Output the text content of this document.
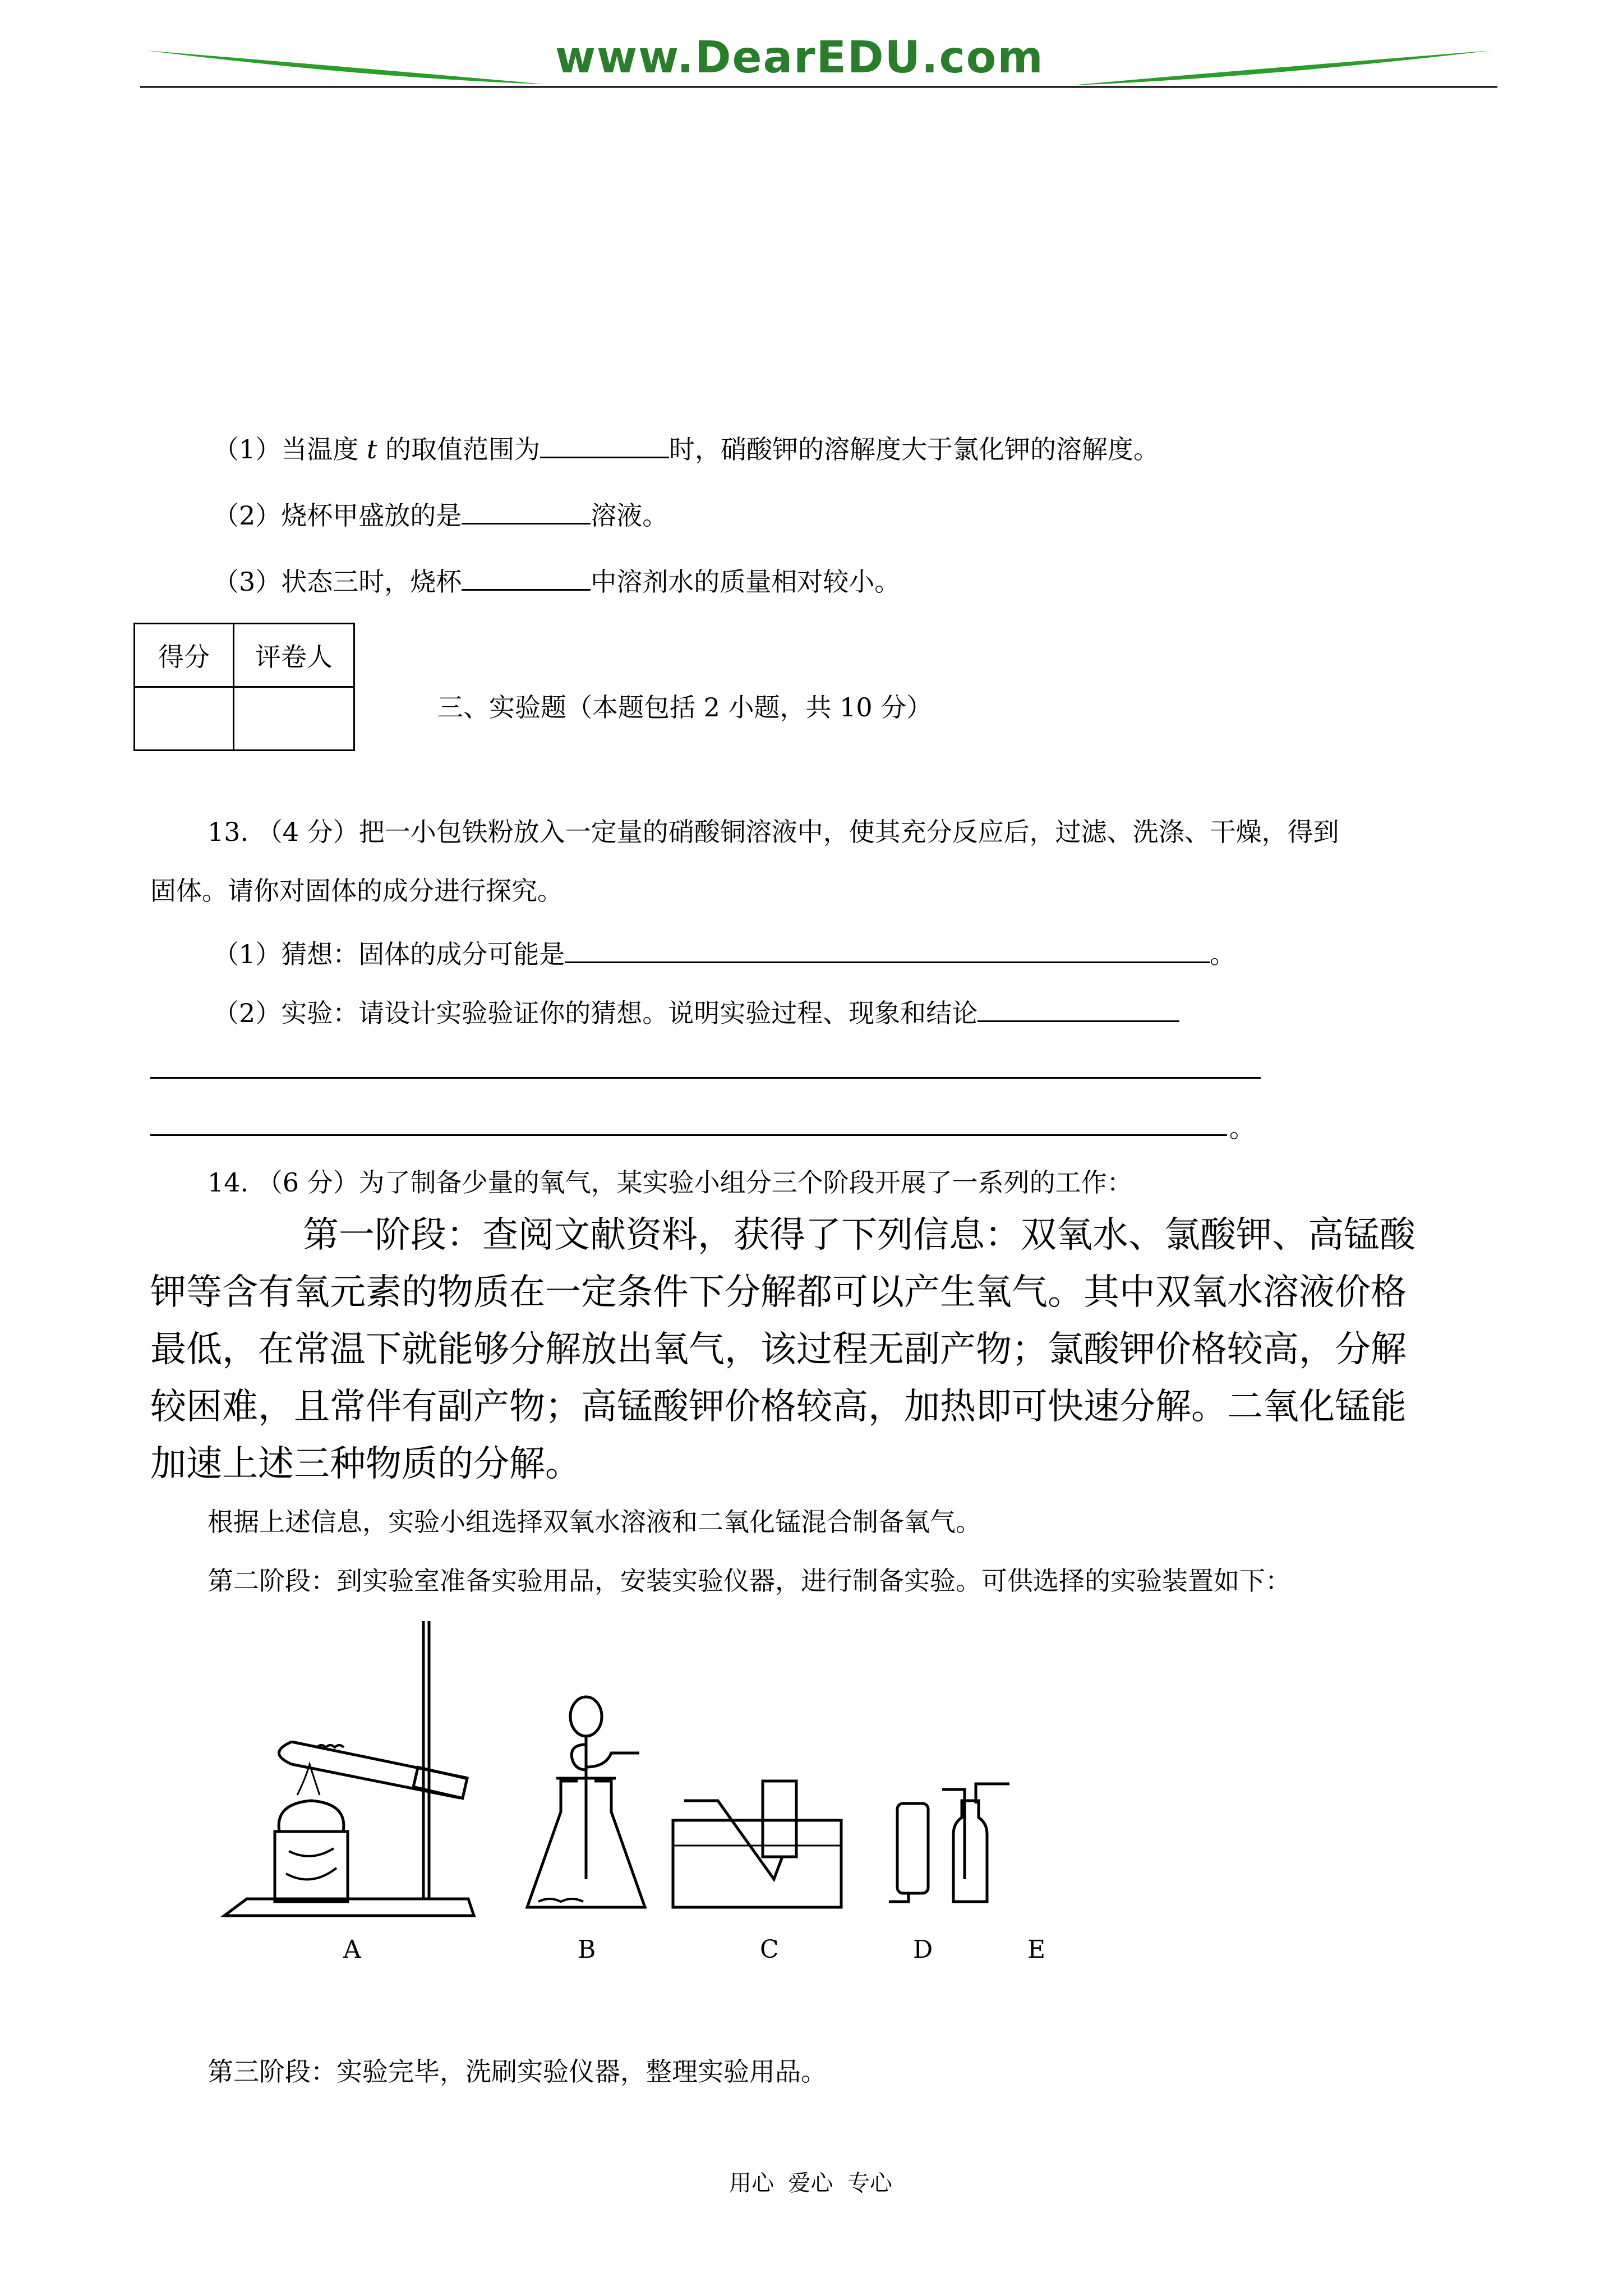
www.DearEDU.com
（1）当温度 t 的取值范围为	时，硝酸钾的溶解度大于氯化钾的溶解度。
（2）烧杯甲盛放的是	溶液。
（3）状态三时，烧杯	中溶剂水的质量相对较小。
得分	评卷人

三、实验题（本题包括 2 小题，共 10 分）
13. （4 分）把一小包铁粉放入一定量的硝酸铜溶液中，使其充分反应后，过滤、洗涤、干燥，得到
固体。请你对固体的成分进行探究。
（1）猜想：固体的成分可能是	。
（2）实验：请设计实验验证你的猜想。说明实验过程、现象和结论
。
14. （6 分）为了制备少量的氧气，某实验小组分三个阶段开展了一系列的工作：
第一阶段：查阅文献资料，获得了下列信息：双氧水、氯酸钾、高锰酸
钾等含有氧元素的物质在一定条件下分解都可以产生氧气。其中双氧水溶液价格
最低，在常温下就能够分解放出氧气，该过程无副产物；氯酸钾价格较高，分解
较困难，且常伴有副产物；高锰酸钾价格较高，加热即可快速分解。二氧化锰能
加速上述三种物质的分解。
根据上述信息，实验小组选择双氧水溶液和二氧化锰混合制备氧气。
第二阶段：到实验室准备实验用品，安装实验仪器，进行制备实验。可供选择的实验装置如下：
A	B	C	D	E
第三阶段：实验完毕，洗刷实验仪器，整理实验用品。
用心  爱心  专心
